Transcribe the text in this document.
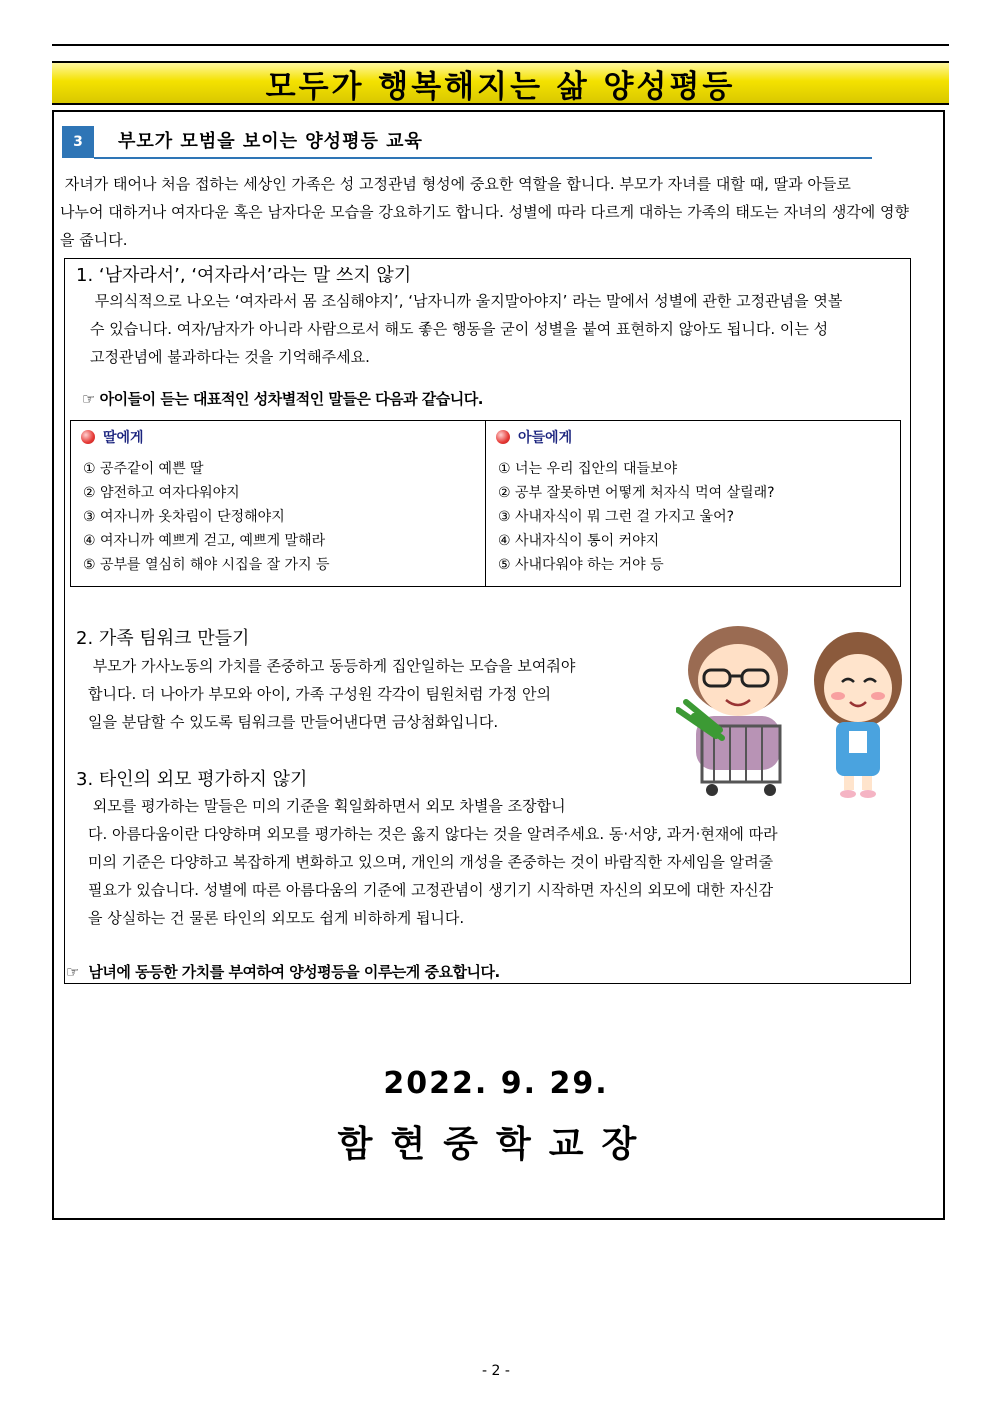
모두가 행복해지는 삶 양성평등
3	부모가 모범을 보이는 양성평등 교육
자녀가 태어나 처음 접하는 세상인 가족은 성 고정관념 형성에 중요한 역할을 합니다. 부모가 자녀를 대할 때, 딸과 아들로
나누어 대하거나 여자다운 혹은 남자다운 모습을 강요하기도 합니다. 성별에 따라 다르게 대하는 가족의 태도는 자녀의 생각에 영향
을 줍니다.
1. ‘남자라서’, ‘여자라서’라는 말 쓰지 않기
무의식적으로 나오는 ‘여자라서 몸 조심해야지’, ‘남자니까 울지말아야지’ 라는 말에서 성별에 관한 고정관념을 엿볼
수 있습니다. 여자/남자가 아니라 사람으로서 해도 좋은 행동을 굳이 성별을 붙여 표현하지 않아도 됩니다. 이는 성
고정관념에 불과하다는 것을 기억해주세요.
☞ 아이들이 듣는 대표적인 성차별적인 말들은 다음과 같습니다.
딸에게
① 공주같이 예쁜 딸
② 얌전하고 여자다워야지
③ 여자니까 옷차림이 단정해야지
④ 여자니까 예쁘게 걷고, 예쁘게 말해라
⑤ 공부를 열심히 해야 시집을 잘 가지 등
아들에게
① 너는 우리 집안의 대들보야
② 공부 잘못하면 어떻게 처자식 먹여 살릴래?
③ 사내자식이 뭐 그런 걸 가지고 울어?
④ 사내자식이 통이 커야지
⑤ 사내다워야 하는 거야 등
2. 가족 팀워크 만들기
부모가 가사노동의 가치를 존중하고 동등하게 집안일하는 모습을 보여줘야
합니다. 더 나아가 부모와 아이, 가족 구성원 각각이 팀원처럼 가정 안의
일을 분담할 수 있도록 팀워크를 만들어낸다면 금상첨화입니다.
3. 타인의 외모 평가하지 않기
외모를 평가하는 말들은 미의 기준을 획일화하면서 외모 차별을 조장합니
다. 아름다움이란 다양하며 외모를 평가하는 것은 옳지 않다는 것을 알려주세요. 동·서양, 과거·현재에 따라
미의 기준은 다양하고 복잡하게 변화하고 있으며, 개인의 개성을 존중하는 것이 바람직한 자세임을 알려줄
필요가 있습니다. 성별에 따른 아름다움의 기준에 고정관념이 생기기 시작하면 자신의 외모에 대한 자신감
을 상실하는 건 물론 타인의 외모도 쉽게 비하하게 됩니다.
☞  남녀에 동등한 가치를 부여하여 양성평등을 이루는게 중요합니다.
2022. 9. 29.
함현중학교장
- 2 -
